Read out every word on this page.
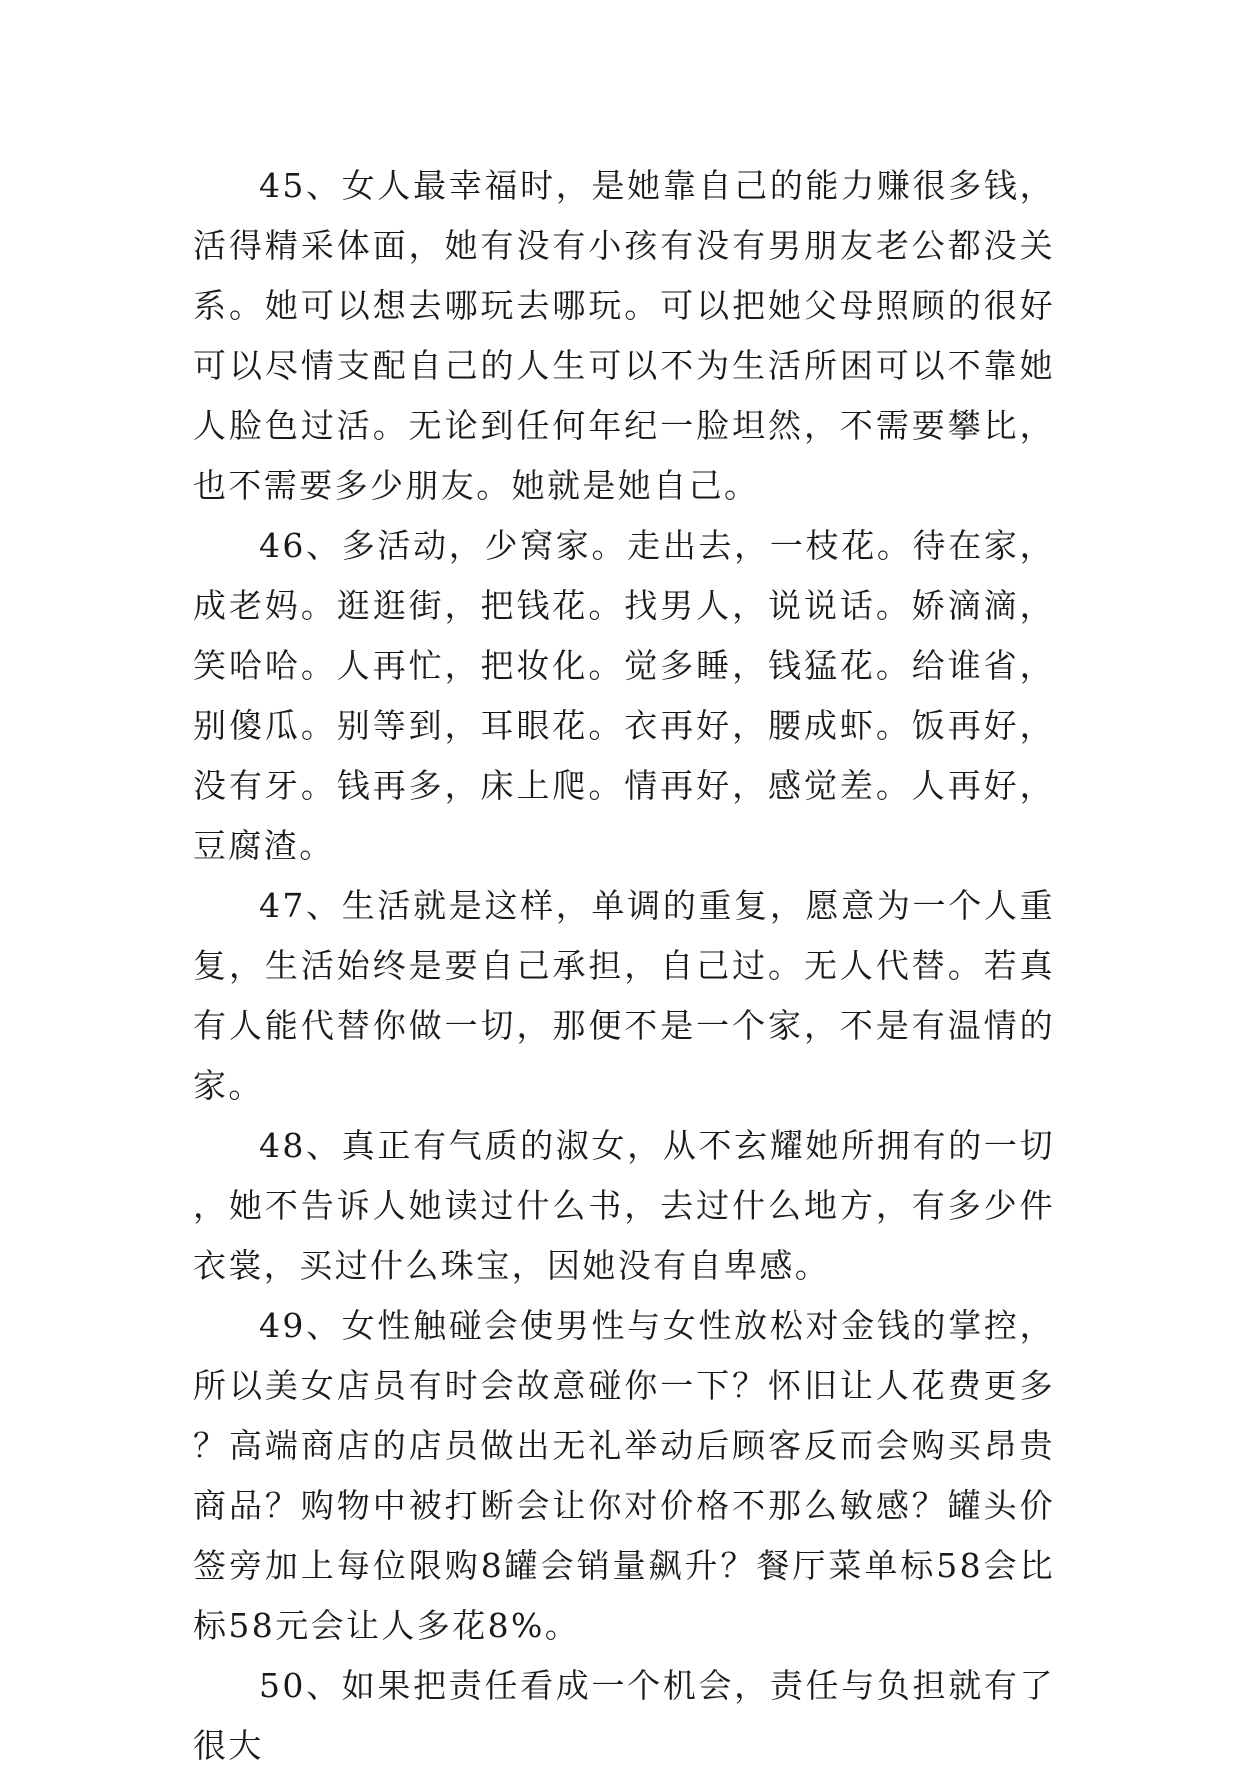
45、女人最幸福时，是她靠自己的能力赚很多钱，活得精采体面，她有没有小孩有没有男朋友老公都没关系。她可以想去哪玩去哪玩。可以把她父母照顾的很好可以尽情支配自己的人生可以不为生活所困可以不靠她人脸色过活。无论到任何年纪一脸坦然，不需要攀比，也不需要多少朋友。她就是她自己。

46、多活动，少窝家。走出去，一枝花。待在家，成老妈。逛逛街，把钱花。找男人，说说话。娇滴滴，笑哈哈。人再忙，把妆化。觉多睡，钱猛花。给谁省，别傻瓜。别等到，耳眼花。衣再好，腰成虾。饭再好，没有牙。钱再多，床上爬。情再好，感觉差。人再好，豆腐渣。

47、生活就是这样，单调的重复，愿意为一个人重复，生活始终是要自己承担，自己过。无人代替。若真有人能代替你做一切，那便不是一个家，不是有温情的家。

48、真正有气质的淑女，从不玄耀她所拥有的一切，她不告诉人她读过什么书，去过什么地方，有多少件衣裳，买过什么珠宝，因她没有自卑感。

49、女性触碰会使男性与女性放松对金钱的掌控，所以美女店员有时会故意碰你一下？怀旧让人花费更多？高端商店的店员做出无礼举动后顾客反而会购买昂贵商品？购物中被打断会让你对价格不那么敏感？罐头价签旁加上每位限购8罐会销量飙升？餐厅菜单标58会比标58元会让人多花8%。

50、如果把责任看成一个机会，责任与负担就有了很大
